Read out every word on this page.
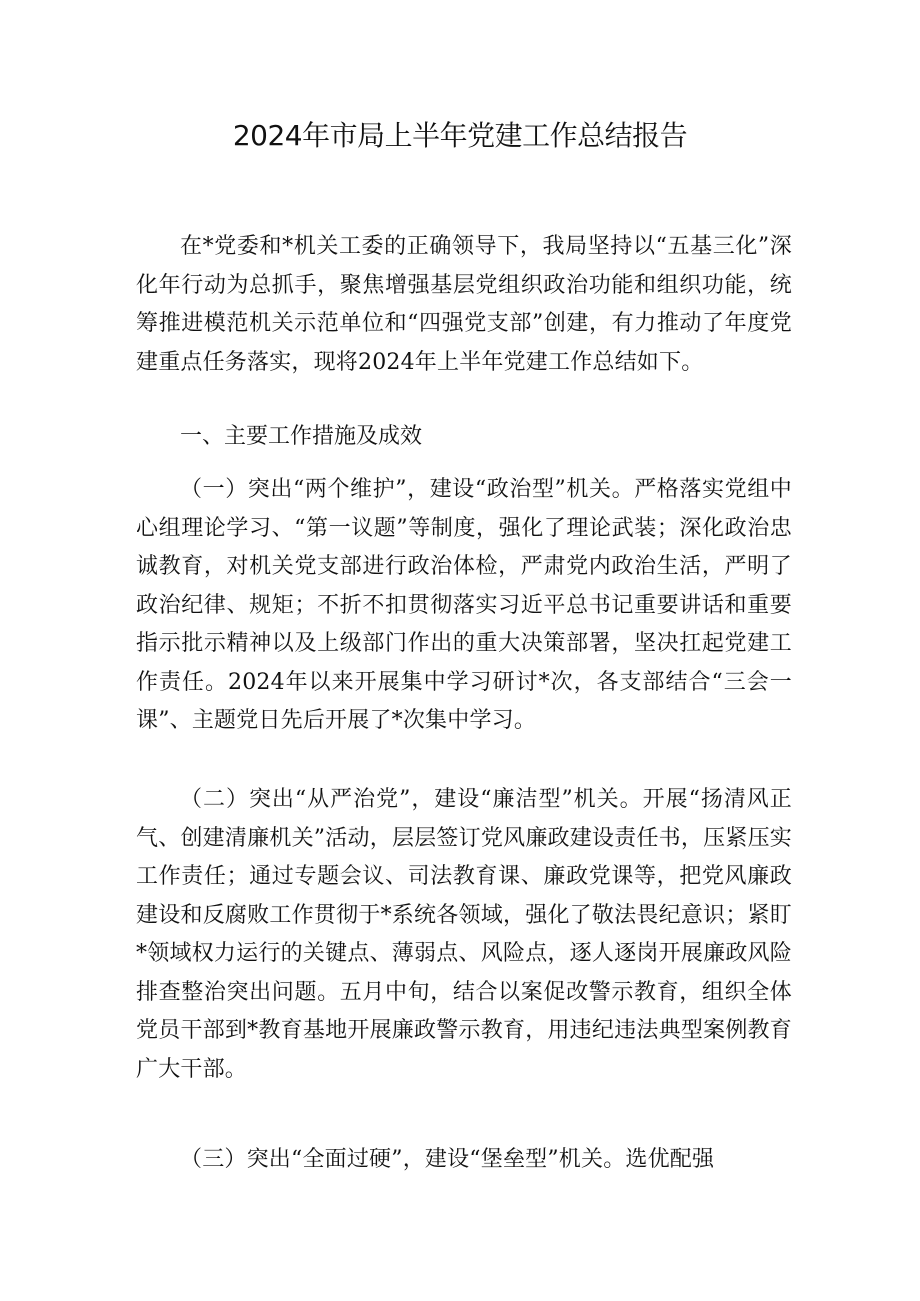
2024年市局上半年党建工作总结报告

在*党委和*机关工委的正确领导下，我局坚持以“五基三化”深化年行动为总抓手，聚焦增强基层党组织政治功能和组织功能，统筹推进模范机关示范单位和“四强党支部”创建，有力推动了年度党建重点任务落实，现将2024年上半年党建工作总结如下。

一、主要工作措施及成效

（一）突出“两个维护”，建设“政治型”机关。严格落实党组中心组理论学习、“第一议题”等制度，强化了理论武装；深化政治忠诚教育，对机关党支部进行政治体检，严肃党内政治生活，严明了政治纪律、规矩；不折不扣贯彻落实习近平总书记重要讲话和重要指示批示精神以及上级部门作出的重大决策部署，坚决扛起党建工作责任。2024年以来开展集中学习研讨*次，各支部结合“三会一课”、主题党日先后开展了*次集中学习。

（二）突出“从严治党”，建设“廉洁型”机关。开展“扬清风正气、创建清廉机关”活动，层层签订党风廉政建设责任书，压紧压实工作责任；通过专题会议、司法教育课、廉政党课等，把党风廉政建设和反腐败工作贯彻于*系统各领域，强化了敬法畏纪意识；紧盯*领域权力运行的关键点、薄弱点、风险点，逐人逐岗开展廉政风险排查整治突出问题。五月中旬，结合以案促改警示教育，组织全体党员干部到*教育基地开展廉政警示教育，用违纪违法典型案例教育广大干部。

（三）突出“全面过硬”，建设“堡垒型”机关。选优配强
